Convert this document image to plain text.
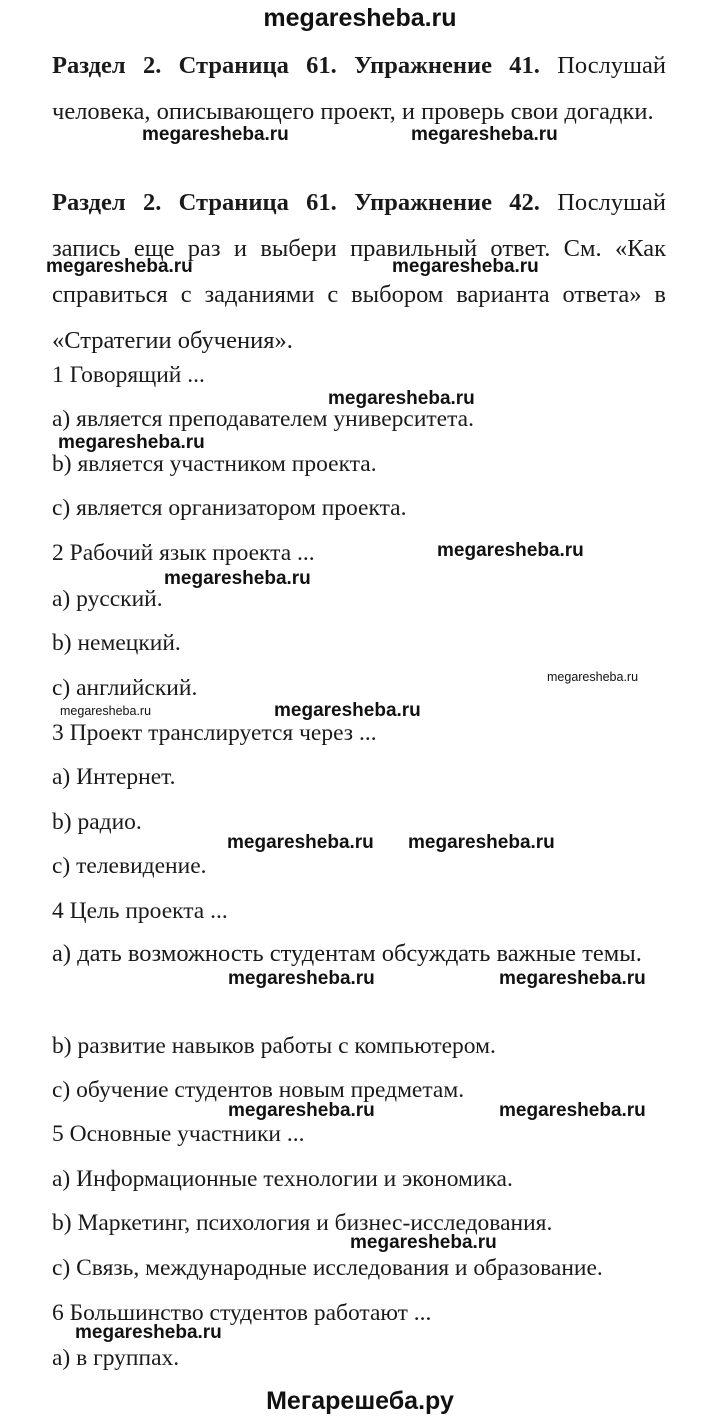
megaresheba.ru

Раздел 2. Страница 61. Упражнение 41. Послушай человека, описывающего проект, и проверь свои догадки.

Раздел 2. Страница 61. Упражнение 42. Послушай запись еще раз и выбери правильный ответ. См. «Как справиться с заданиями с выбором варианта ответа» в «Стратегии обучения».

1 Говорящий ...
a) является преподавателем университета.
b) является участником проекта.
c) является организатором проекта.
2 Рабочий язык проекта ...
a) русский.
b) немецкий.
c) английский.
3 Проект транслируется через ...
a) Интернет.
b) радио.
c) телевидение.
4 Цель проекта ...

a) дать возможность студентам обсуждать важные темы.

b) развитие навыков работы с компьютером.
c) обучение студентов новым предметам.
5 Основные участники ...
a) Информационные технологии и экономика.
b) Маркетинг, психология и бизнес-исследования.
c) Связь, международные исследования и образование.
6 Большинство студентов работают ...
a) в группах.
megaresheba.ru	megaresheba.ru
megaresheba.ru	megaresheba.ru
megaresheba.ru
megaresheba.ru
megaresheba.ru
megaresheba.ru
megaresheba.ru
megaresheba.ru	megaresheba.ru
megaresheba.ru megaresheba.ru
megaresheba.ru	megaresheba.ru
megaresheba.ru	megaresheba.ru
megaresheba.ru
megaresheba.ru
Мегарешеба.ру
